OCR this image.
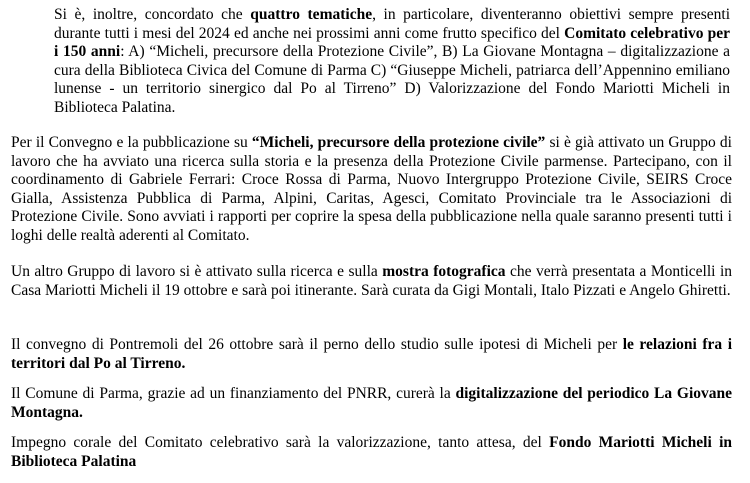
Si è, inoltre, concordato che quattro tematiche, in particolare, diventeranno obiettivi sempre presenti durante tutti i mesi del 2024 ed anche nei prossimi anni come frutto specifico del Comitato celebrativo per i 150 anni: A) “Micheli, precursore della Protezione Civile”, B) La Giovane Montagna – digitalizzazione a cura della Biblioteca Civica del Comune di Parma C) “Giuseppe Micheli, patriarca dell’Appennino emiliano lunense - un territorio sinergico dal Po al Tirreno” D) Valorizzazione del Fondo Mariotti Micheli in Biblioteca Palatina.

Per il Convegno e la pubblicazione su “Micheli, precursore della protezione civile” si è già attivato un Gruppo di lavoro che ha avviato una ricerca sulla storia e la presenza della Protezione Civile parmense. Partecipano, con il coordinamento di Gabriele Ferrari: Croce Rossa di Parma, Nuovo Intergruppo Protezione Civile, SEIRS Croce Gialla, Assistenza Pubblica di Parma, Alpini, Caritas, Agesci, Comitato Provinciale tra le Associazioni di Protezione Civile. Sono avviati i rapporti per coprire la spesa della pubblicazione nella quale saranno presenti tutti i loghi delle realtà aderenti al Comitato.

Un altro Gruppo di lavoro si è attivato sulla ricerca e sulla mostra fotografica che verrà presentata a Monticelli in Casa Mariotti Micheli il 19 ottobre e sarà poi itinerante. Sarà curata da Gigi Montali, Italo Pizzati e Angelo Ghiretti.

Il convegno di Pontremoli del 26 ottobre sarà il perno dello studio sulle ipotesi di Micheli per le relazioni fra i territori dal Po al Tirreno.

Il Comune di Parma, grazie ad un finanziamento del PNRR, curerà la digitalizzazione del periodico La Giovane Montagna.

Impegno corale del Comitato celebrativo sarà la valorizzazione, tanto attesa, del Fondo Mariotti Micheli in Biblioteca Palatina
